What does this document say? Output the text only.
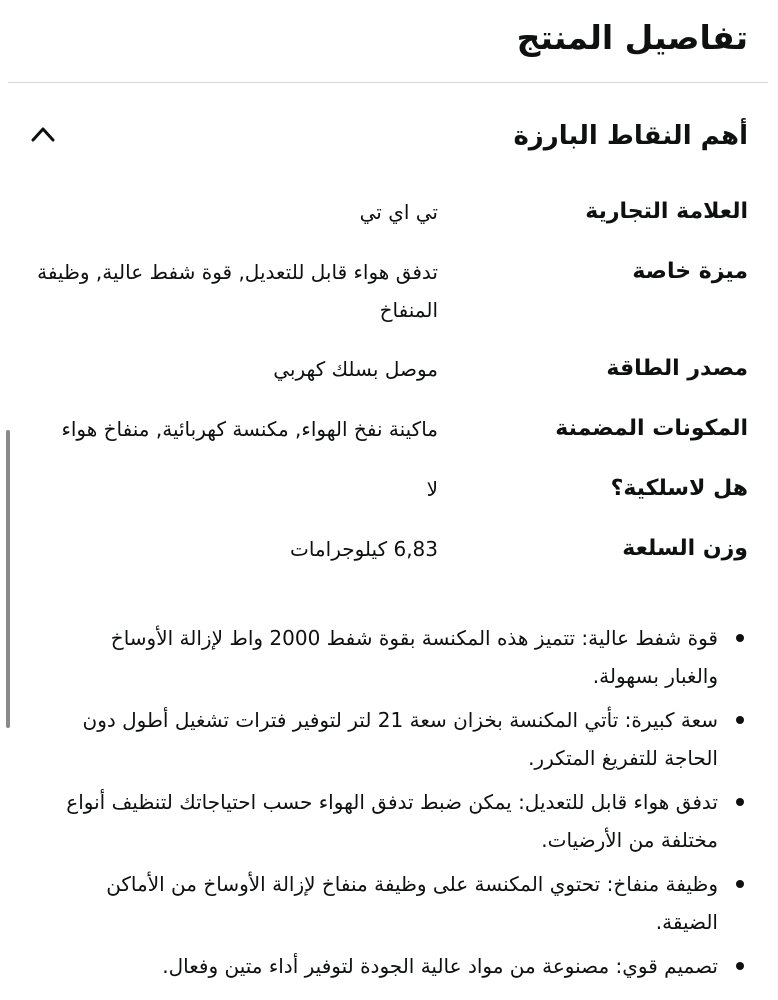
تفاصيل المنتج
أهم النقاط البارزة
العلامة التجارية
تي اي تي
ميزة خاصة
تدفق هواء قابل للتعديل, قوة شفط عالية, وظيفة المنفاخ
مصدر الطاقة
موصل بسلك كهربي
المكونات المضمنة
ماكينة نفخ الهواء, مكنسة كهربائية, منفاخ هواء
هل لاسلكية؟
لا
وزن السلعة
6,83 كيلوجرامات
قوة شفط عالية: تتميز هذه المكنسة بقوة شفط 2000 واط لإزالة الأوساخ والغبار بسهولة.
سعة كبيرة: تأتي المكنسة بخزان سعة 21 لتر لتوفير فترات تشغيل أطول دون الحاجة للتفريغ المتكرر.
تدفق هواء قابل للتعديل: يمكن ضبط تدفق الهواء حسب احتياجاتك لتنظيف أنواع مختلفة من الأرضيات.
وظيفة منفاخ: تحتوي المكنسة على وظيفة منفاخ لإزالة الأوساخ من الأماكن الضيقة.
تصميم قوي: مصنوعة من مواد عالية الجودة لتوفير أداء متين وفعال.
